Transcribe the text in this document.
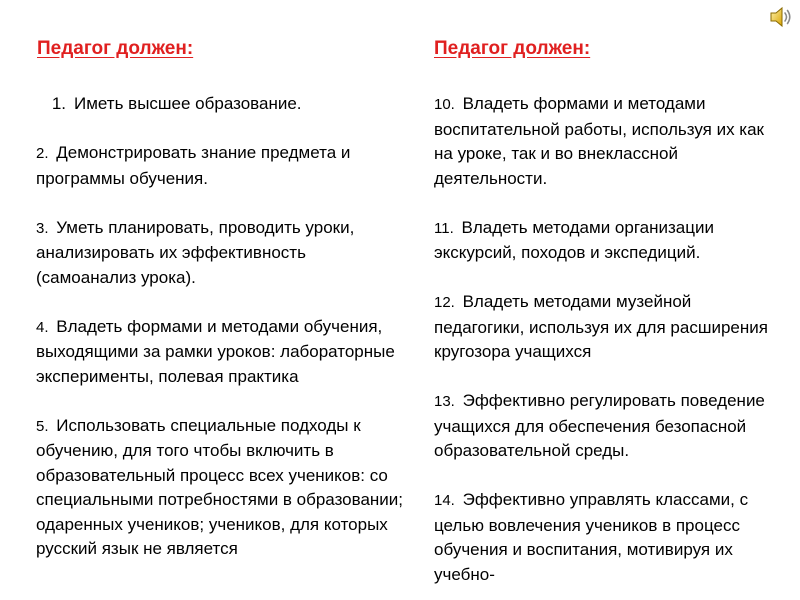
Педагог должен:	Педагог должен:
1. Иметь высшее образование.

2. Демонстрировать знание предмета и программы обучения.

3. Уметь планировать, проводить уроки, анализировать их эффективность (самоанализ урока).

4. Владеть формами и методами обучения, выходящими за рамки уроков: лабораторные эксперименты, полевая практика

5. Использовать специальные подходы к обучению, для того чтобы включить в образовательный процесс всех учеников: со специальными потребностями в образовании; одаренных учеников; учеников, для которых русский язык не является

10. Владеть формами и методами воспитательной работы, используя их как на уроке, так и во внеклассной деятельности.

11. Владеть методами организации экскурсий, походов и экспедиций.

12. Владеть методами музейной педагогики, используя их для расширения кругозора учащихся

13. Эффективно регулировать поведение учащихся для обеспечения безопасной образовательной среды.

14. Эффективно управлять классами, с целью вовлечения учеников в процесс обучения и воспитания, мотивируя их учебно-
